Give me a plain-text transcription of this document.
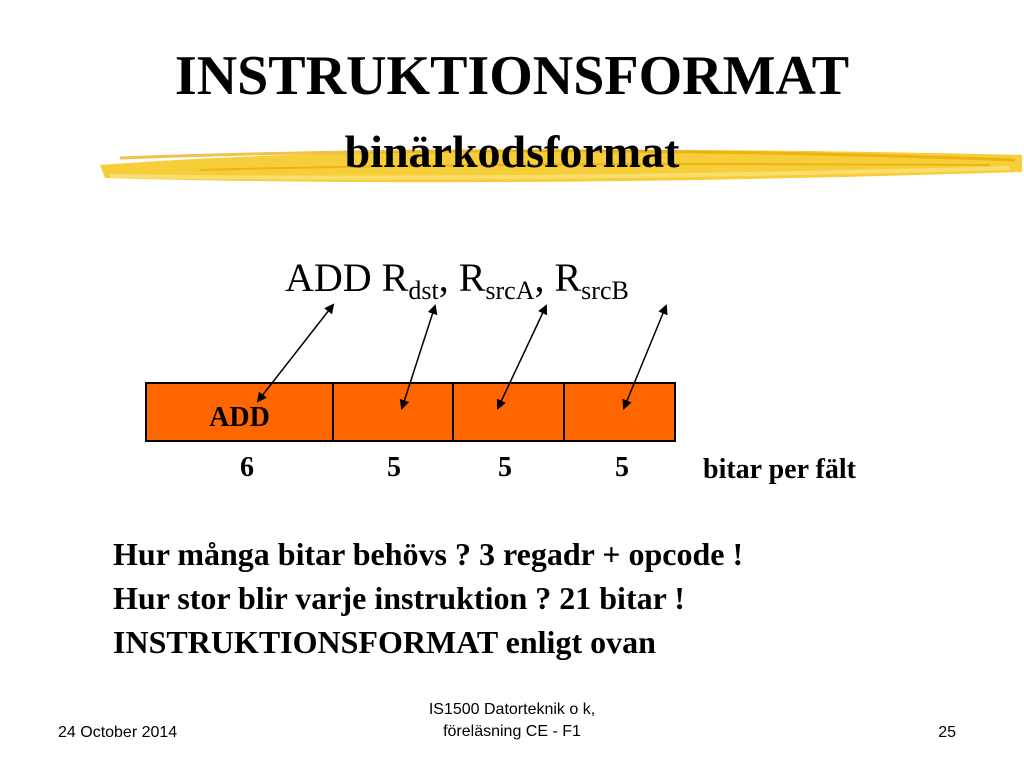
INSTRUKTIONSFORMAT
binärkodsformat
ADD $R_{dst}$, $R_{srcA}$, $R_{srcB}$
ADD
6	5	5	5	bitar per fält
Hur många bitar behövs ? 3 regadr + opcode !
Hur stor blir varje instruktion ? 21 bitar !
INSTRUKTIONSFORMAT enligt ovan
24 October 2014
IS1500 Datorteknik o k,
föreläsning CE - F1	25
